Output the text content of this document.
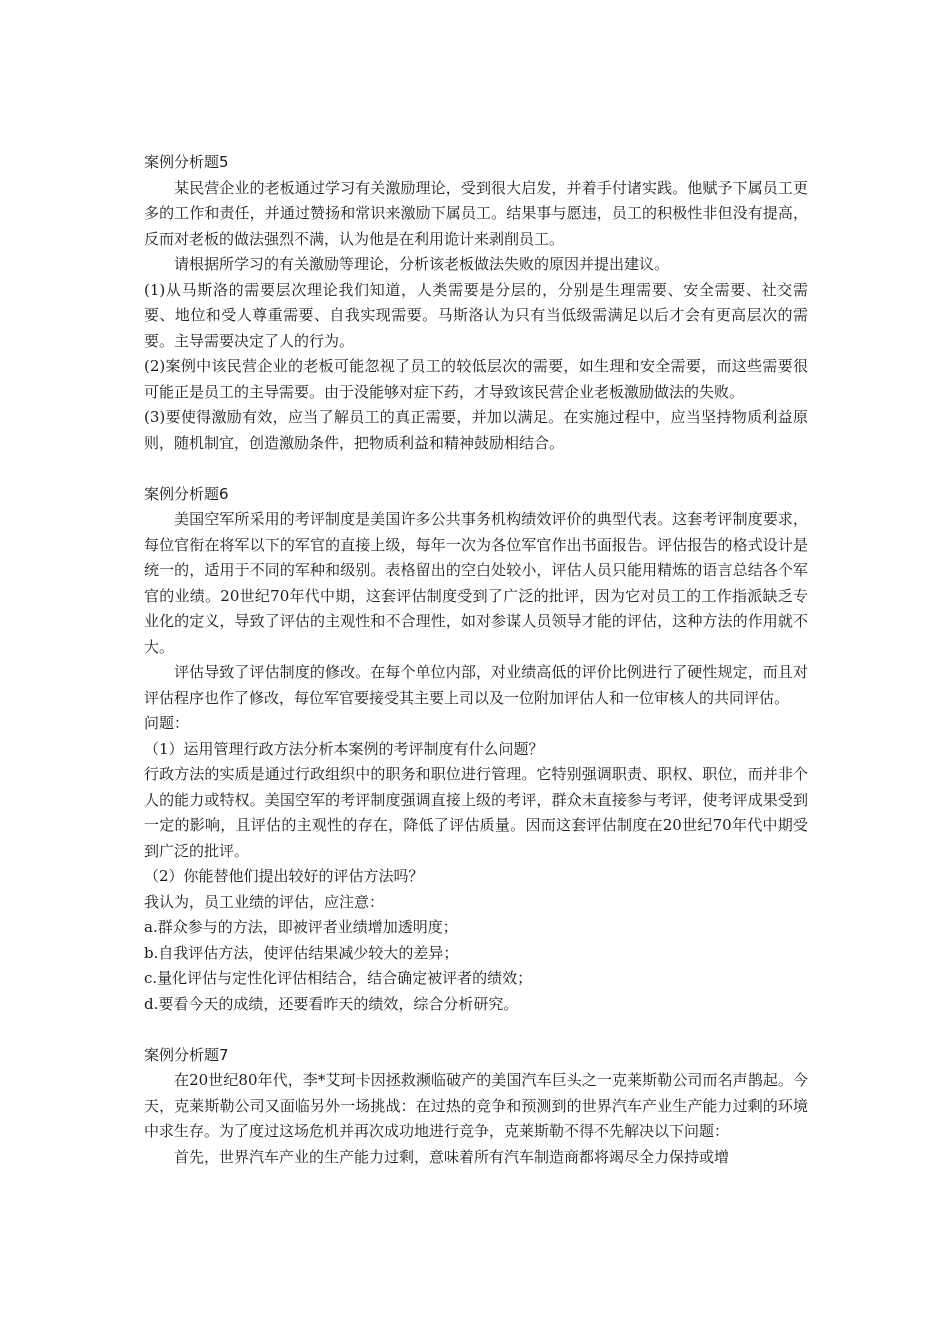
案例分析题5

某民营企业的老板通过学习有关激励理论，受到很大启发，并着手付诸实践。他赋予下属员工更多的工作和责任，并通过赞扬和常识来激励下属员工。结果事与愿违，员工的积极性非但没有提高，反而对老板的做法强烈不满，认为他是在利用诡计来剥削员工。

请根据所学习的有关激励等理论，分析该老板做法失败的原因并提出建议。

(1)从马斯洛的需要层次理论我们知道，人类需要是分层的，分别是生理需要、安全需要、社交需要、地位和受人尊重需要、自我实现需要。马斯洛认为只有当低级需满足以后才会有更高层次的需要。主导需要决定了人的行为。

(2)案例中该民营企业的老板可能忽视了员工的较低层次的需要，如生理和安全需要，而这些需要很可能正是员工的主导需要。由于没能够对症下药，才导致该民营企业老板激励做法的失败。

(3)要使得激励有效，应当了解员工的真正需要，并加以满足。在实施过程中，应当坚持物质利益原则，随机制宜，创造激励条件，把物质利益和精神鼓励相结合。

案例分析题6

美国空军所采用的考评制度是美国许多公共事务机构绩效评价的典型代表。这套考评制度要求，每位官衔在将军以下的军官的直接上级，每年一次为各位军官作出书面报告。评估报告的格式设计是统一的，适用于不同的军种和级别。表格留出的空白处较小，评估人员只能用精炼的语言总结各个军官的业绩。20世纪70年代中期，这套评估制度受到了广泛的批评，因为它对员工的工作指派缺乏专业化的定义，导致了评估的主观性和不合理性，如对参谋人员领导才能的评估，这种方法的作用就不大。

评估导致了评估制度的修改。在每个单位内部，对业绩高低的评价比例进行了硬性规定，而且对评估程序也作了修改，每位军官要接受其主要上司以及一位附加评估人和一位审核人的共同评估。

问题：

（1）运用管理行政方法分析本案例的考评制度有什么问题？

行政方法的实质是通过行政组织中的职务和职位进行管理。它特别强调职责、职权、职位，而并非个人的能力或特权。美国空军的考评制度强调直接上级的考评，群众未直接参与考评，使考评成果受到一定的影响，且评估的主观性的存在，降低了评估质量。因而这套评估制度在20世纪70年代中期受到广泛的批评。

（2）你能替他们提出较好的评估方法吗？

我认为，员工业绩的评估，应注意：

a.群众参与的方法，即被评者业绩增加透明度；

b.自我评估方法，使评估结果减少较大的差异；

c.量化评估与定性化评估相结合，结合确定被评者的绩效；

d.要看今天的成绩，还要看昨天的绩效，综合分析研究。

案例分析题7

在20世纪80年代，李*艾珂卡因拯救濒临破产的美国汽车巨头之一克莱斯勒公司而名声鹊起。今天，克莱斯勒公司又面临另外一场挑战：在过热的竞争和预测到的世界汽车产业生产能力过剩的环境中求生存。为了度过这场危机并再次成功地进行竞争，克莱斯勒不得不先解决以下问题：

首先，世界汽车产业的生产能力过剩，意味着所有汽车制造商都将竭尽全力保持或增
